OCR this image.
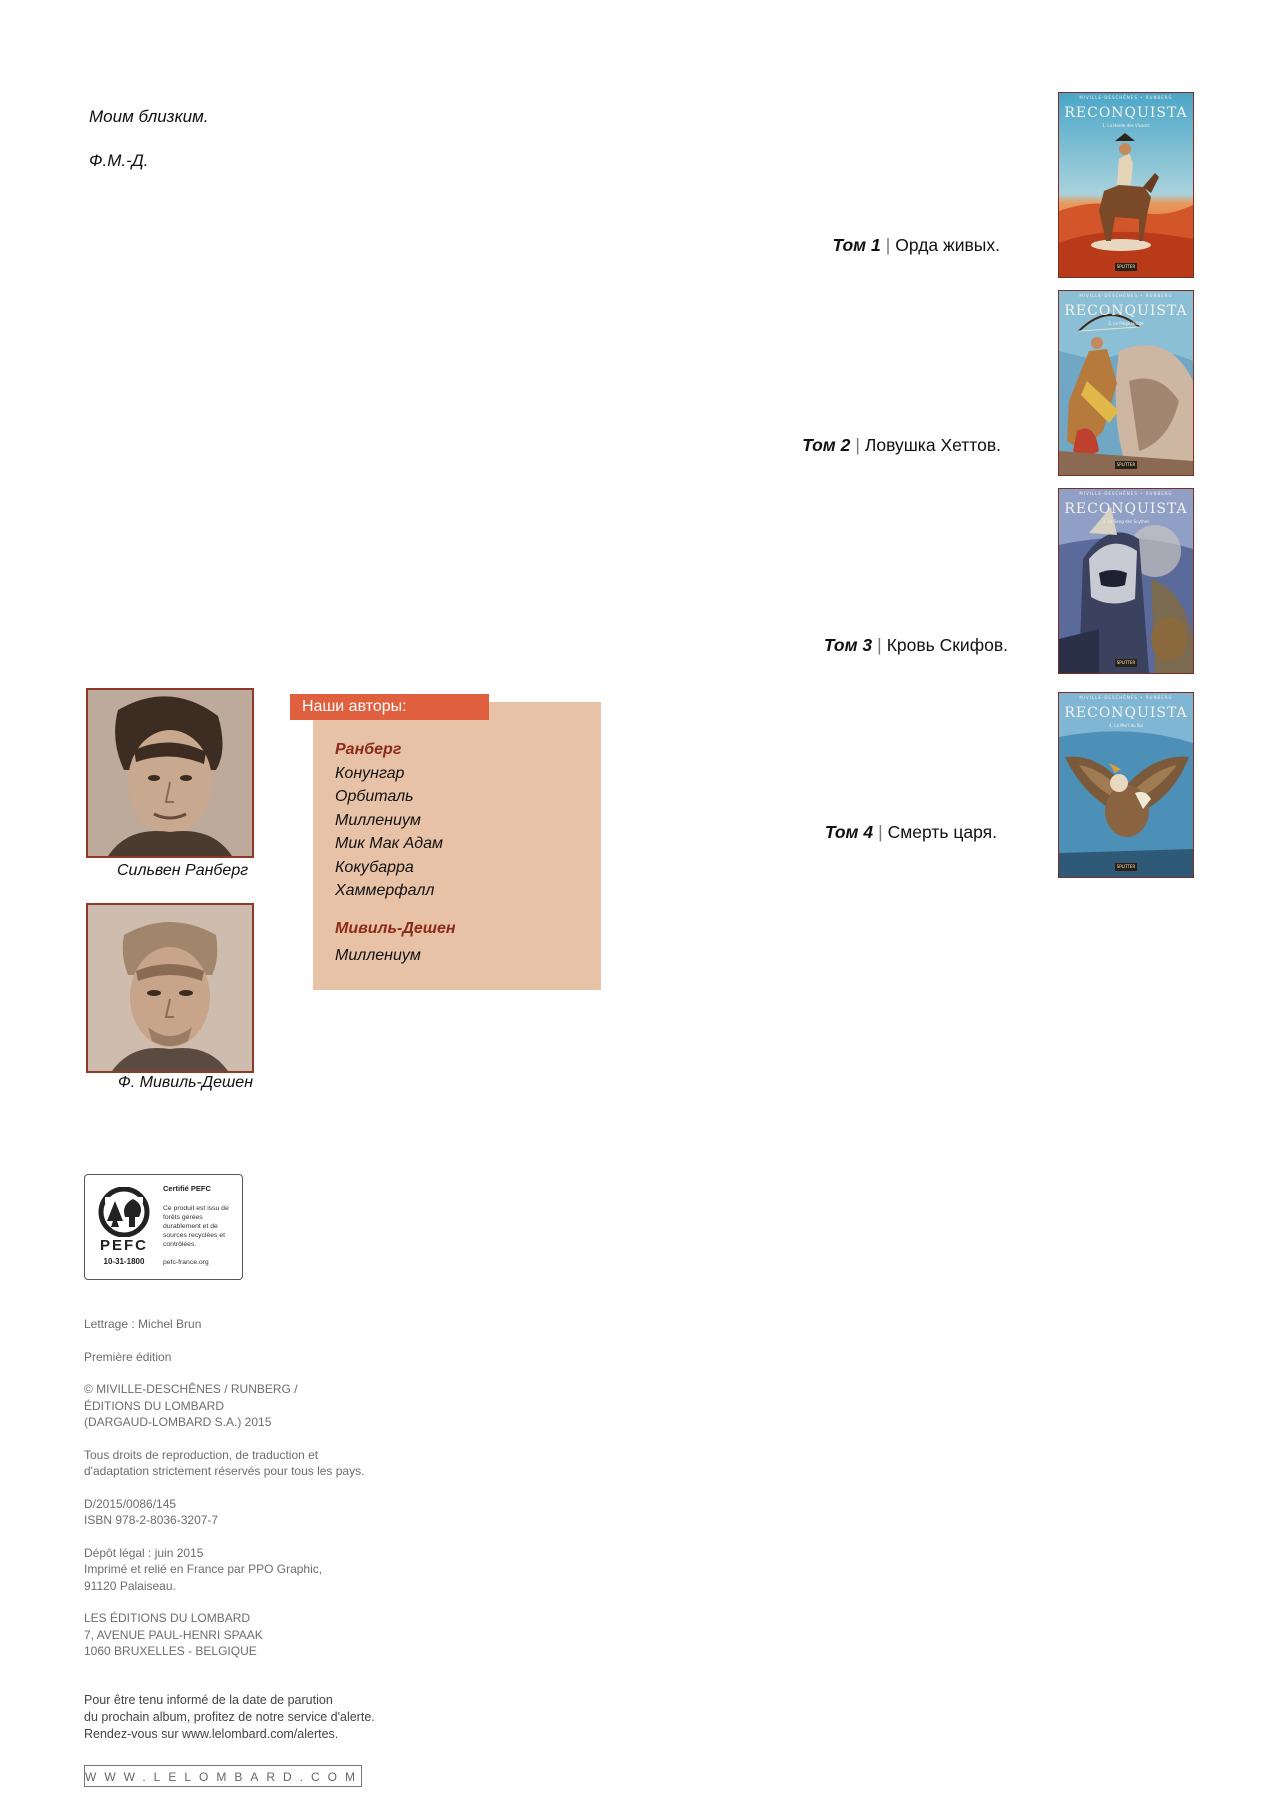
Моим близким.
Ф.М.-Д.
Том 1 | Орда живых.
Том 2 | Ловушка Хеттов.
Том 3 | Кровь Скифов.
Том 4 | Смерть царя.
MIVILLE-DESCHÊNES • RUNBERG
RECONQUISTA
1. La Horde des Vivants
SPLITTER
MIVILLE-DESCHÊNES • RUNBERG
RECONQUISTA
2. Le Piège Hittite
SPLITTER
MIVILLE-DESCHÊNES • RUNBERG
RECONQUISTA
3. Le Sang des Scythes
SPLITTER
MIVILLE-DESCHÊNES • RUNBERG
RECONQUISTA
4. La Mort du Roi
SPLITTER
Сильвен Ранберг
Ф. Мивиль-Дешен
Наши авторы:
Ранберг
Конунгар
Орбиталь
Миллениум
Мик Мак Адам
Кокубарра
Хаммерфалл
Мивиль-Дешен
Миллениум
PEFC
10-31-1800
Certifié PEFC
Ce produit est issu de forêts gérées durablement et de sources recyclées et contrôlées.
pefc-france.org

Lettrage : Michel Brun

Première édition

© MIVILLE-DESCHÊNES / RUNBERG /

ÉDITIONS DU LOMBARD

(DARGAUD-LOMBARD S.A.) 2015

Tous droits de reproduction, de traduction et

d'adaptation strictement réservés pour tous les pays.

D/2015/0086/145

ISBN 978-2-8036-3207-7

Dépôt légal : juin 2015

Imprimé et relié en France par PPO Graphic,

91120 Palaiseau.

LES ÉDITIONS DU LOMBARD

7, AVENUE PAUL-HENRI SPAAK

1060 BRUXELLES - BELGIQUE

Pour être tenu informé de la date de parution

du prochain album, profitez de notre service d'alerte.

Rendez-vous sur www.lelombard.com/alertes.

WWW.LELOMBARD.COM
